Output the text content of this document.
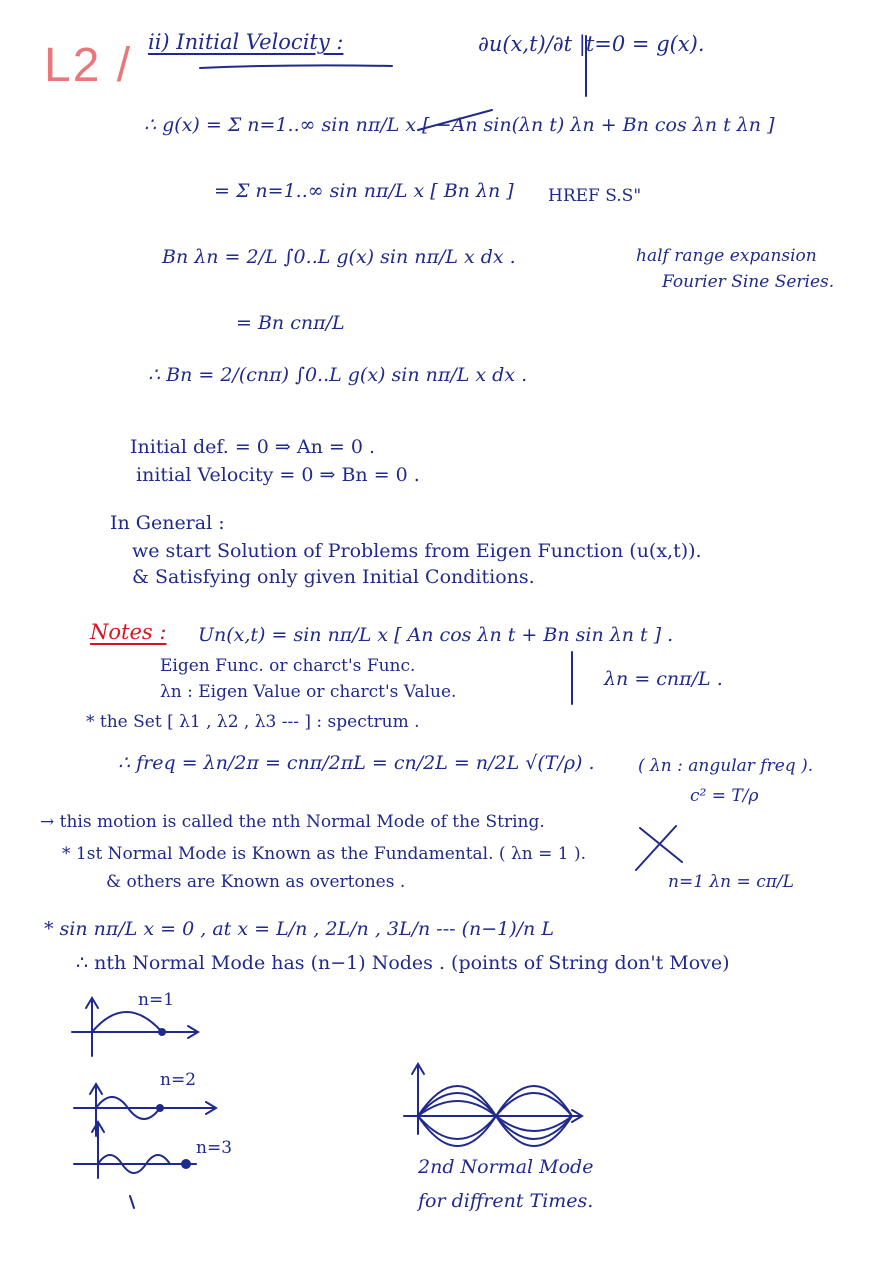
L2 / ii) Initial Velocity :	∂u(x,t)/∂t |t=0 = g(x).
∴ g(x) = Σ n=1..∞ sin nπ/L x [ −An sin(λn t) λn + Bn cos λn t λn ]
= Σ n=1..∞ sin nπ/L x [ Bn λn ] HREF S.S"
Bn λn = 2/L ∫0..L g(x) sin nπ/L x dx .	half range expansion
Fourier Sine Series.
= Bn cnπ/L
∴ Bn = 2/(cnπ) ∫0..L g(x) sin nπ/L x dx .
Initial def. = 0 ⇒ An = 0 .
initial Velocity = 0 ⇒ Bn = 0 .
In General :
we start Solution of Problems from Eigen Function (u(x,t)).
& Satisfying only given Initial Conditions.
Notes : Un(x,t) = sin nπ/L x [ An cos λn t + Bn sin λn t ] .
Eigen Func. or charct's Func.
λn : Eigen Value or charct's Value.
λn = cnπ/L .
* the Set [ λ1 , λ2 , λ3 --- ] : spectrum .
∴ freq = λn/2π = cnπ/2πL = cn/2L = n/2L √(T/ρ) .	( λn : angular freq ).
c² = T/ρ
→ this motion is called the nth Normal Mode of the String.
* 1st Normal Mode is Known as the Fundamental. ( λn = 1 ).
& others are Known as overtones .	n=1 λn = cπ/L
* sin nπ/L x = 0 , at x = L/n , 2L/n , 3L/n --- (n−1)/n L
∴ nth Normal Mode has (n−1) Nodes . (points of String don't Move)
n=1
n=2
n=3
2nd Normal Mode
for diffrent Times.
